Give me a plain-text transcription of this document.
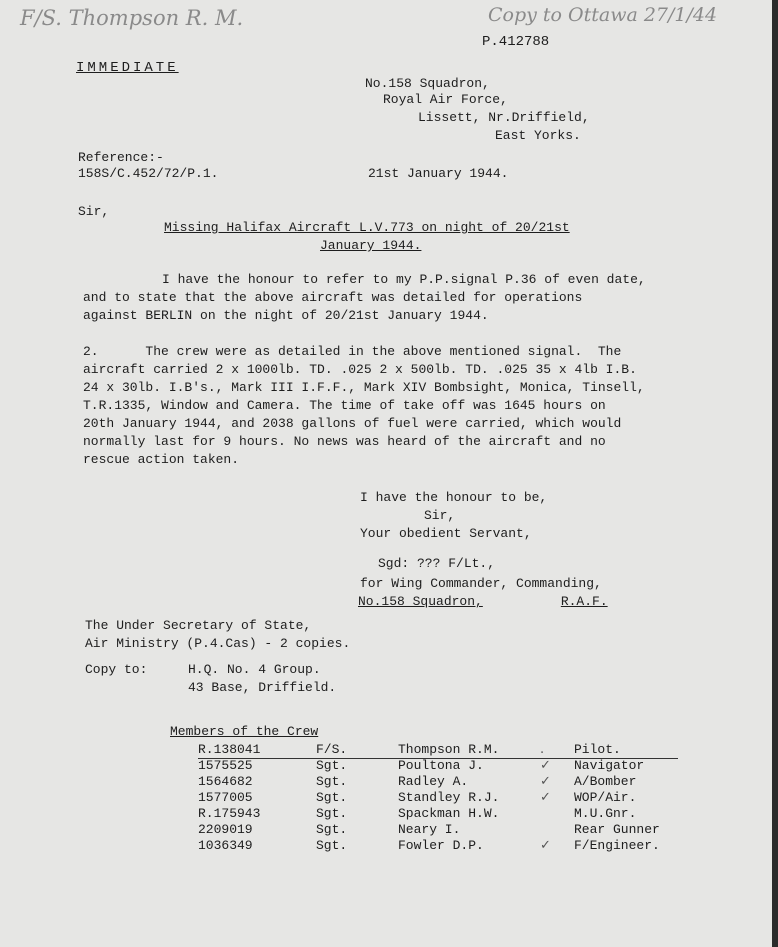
F/S. Thompson R. M.	Copy to Ottawa 27/1/44
P.412788
IMMEDIATE
No.158 Squadron,
Royal Air Force,
Lissett, Nr.Driffield,
East Yorks.
Reference:-
158S/C.452/72/P.1.	21st January 1944.
Sir,
Missing Halifax Aircraft L.V.773 on night of 20/21st
January 1944.
I have the honour to refer to my P.P.signal P.36 of even date,
and to state that the above aircraft was detailed for operations
against BERLIN on the night of 20/21st January 1944.
2.      The crew were as detailed in the above mentioned signal.  The
aircraft carried 2 x 1000lb. TD. .025 2 x 500lb. TD. .025 35 x 4lb I.B.
24 x 30lb. I.B's., Mark III I.F.F., Mark XIV Bombsight, Monica, Tinsell,
T.R.1335, Window and Camera. The time of take off was 1645 hours on
20th January 1944, and 2038 gallons of fuel were carried, which would
normally last for 9 hours. No news was heard of the aircraft and no
rescue action taken.
I have the honour to be,
Sir,
Your obedient Servant,
Sgd: ??? F/Lt.,
for Wing Commander, Commanding,
No.158 Squadron,	R.A.F.
The Under Secretary of State,
Air Ministry (P.4.Cas) - 2 copies.
Copy to:	H.Q. No. 4 Group.
43 Base, Driffield.
Members of the Crew
R.138041	F/S.	Thompson R.M.	.	Pilot.
1575525	Sgt.	Poultona J.	✓	Navigator
1564682	Sgt.	Radley A.	✓	A/Bomber
1577005	Sgt.	Standley R.J.	✓	WOP/Air.
R.175943	Sgt.	Spackman H.W.		M.U.Gnr.
2209019	Sgt.	Neary I.		Rear Gunner
1036349	Sgt.	Fowler D.P.	✓	F/Engineer.
